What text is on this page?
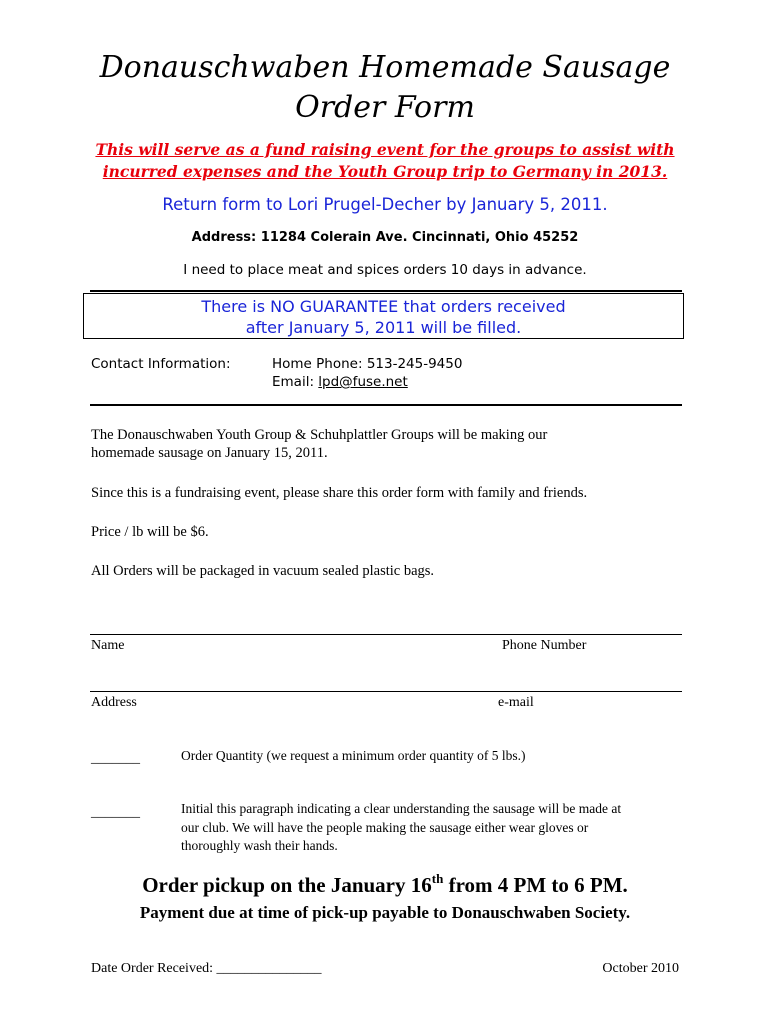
Donauschwaben Homemade Sausage
Order Form
This will serve as a fund raising event for the groups to assist with
incurred expenses and the Youth Group trip to Germany in 2013.
Return form to Lori Prugel-Decher by January 5, 2011.
Address: 11284 Colerain Ave. Cincinnati, Ohio 45252
I need to place meat and spices orders 10 days in advance.
There is NO GUARANTEE that orders received
after January 5, 2011 will be filled.
Contact Information:	Home Phone: 513-245-9450
Email: lpd@fuse.net
The Donauschwaben Youth Group & Schuhplattler Groups will be making our
homemade sausage on January 15, 2011.
Since this is a fundraising event, please share this order form with family and friends.
Price / lb will be $6.
All Orders will be packaged in vacuum sealed plastic bags.
Name	Phone Number
Address	e-mail
_______	Order Quantity (we request a minimum order quantity of 5 lbs.)
_______	Initial this paragraph indicating a clear understanding the sausage will be made at
our club. We will have the people making the sausage either wear gloves or
thoroughly wash their hands.
Order pickup on the January 16th from 4 PM to 6 PM.
Payment due at time of pick-up payable to Donauschwaben Society.
Date Order Received: _______________	October 2010
